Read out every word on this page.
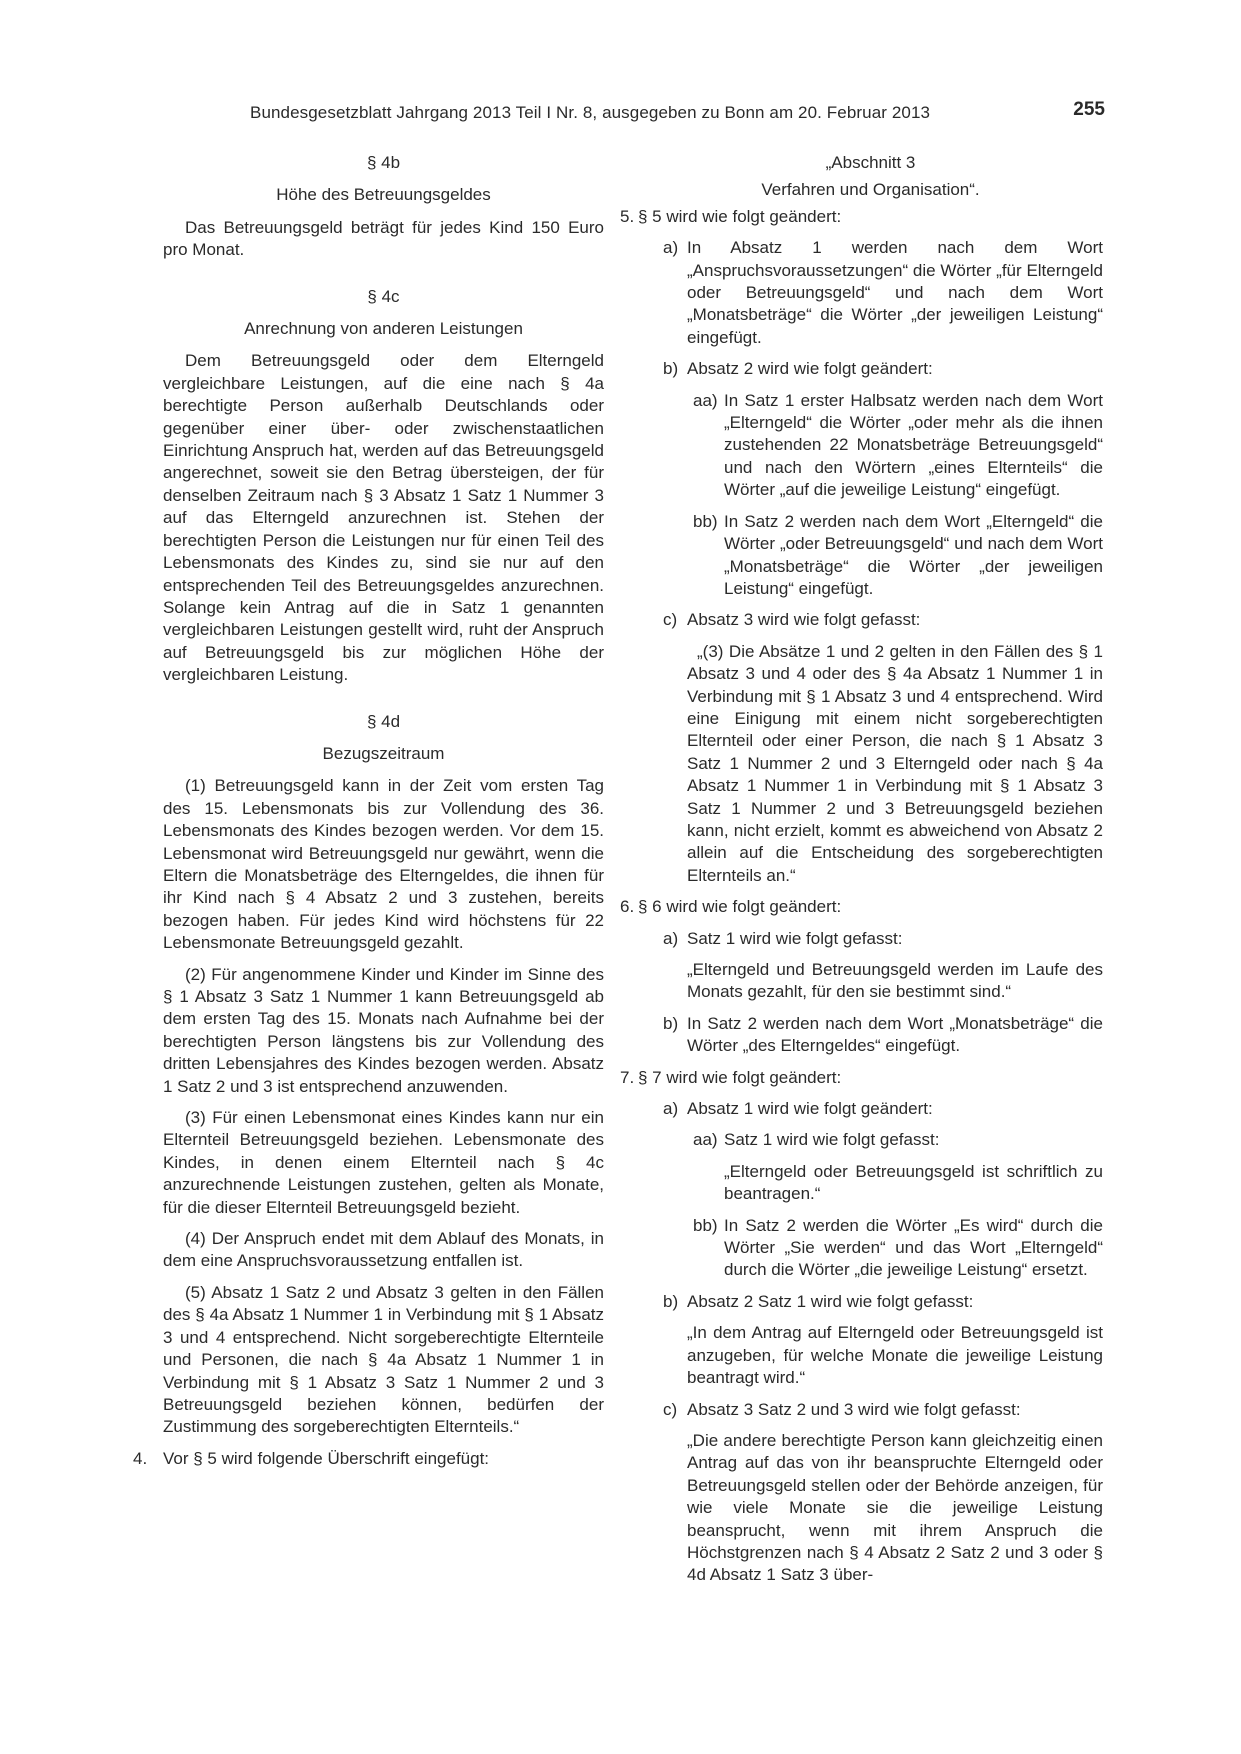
Bundesgesetzblatt Jahrgang 2013 Teil I Nr. 8, ausgegeben zu Bonn am 20. Februar 2013	255
§ 4b
Höhe des Betreuungsgeldes

Das Betreuungsgeld beträgt für jedes Kind 150 Euro pro Monat.

§ 4c
Anrechnung von anderen Leistungen

Dem Betreuungsgeld oder dem Elterngeld vergleichbare Leistungen, auf die eine nach § 4a berechtigte Person außerhalb Deutschlands oder gegenüber einer über- oder zwischenstaatlichen Einrichtung Anspruch hat, werden auf das Betreuungsgeld angerechnet, soweit sie den Betrag übersteigen, der für denselben Zeitraum nach § 3 Absatz 1 Satz 1 Nummer 3 auf das Elterngeld anzurechnen ist. Stehen der berechtigten Person die Leistungen nur für einen Teil des Lebensmonats des Kindes zu, sind sie nur auf den entsprechenden Teil des Betreuungsgeldes anzurechnen. Solange kein Antrag auf die in Satz 1 genannten vergleichbaren Leistungen gestellt wird, ruht der Anspruch auf Betreuungsgeld bis zur möglichen Höhe der vergleichbaren Leistung.

§ 4d
Bezugszeitraum

(1) Betreuungsgeld kann in der Zeit vom ersten Tag des 15. Lebensmonats bis zur Vollendung des 36. Lebensmonats des Kindes bezogen werden. Vor dem 15. Lebensmonat wird Betreuungsgeld nur gewährt, wenn die Eltern die Monatsbeträge des Elterngeldes, die ihnen für ihr Kind nach § 4 Absatz 2 und 3 zustehen, bereits bezogen haben. Für jedes Kind wird höchstens für 22 Lebensmonate Betreuungsgeld gezahlt.

(2) Für angenommene Kinder und Kinder im Sinne des § 1 Absatz 3 Satz 1 Nummer 1 kann Betreuungsgeld ab dem ersten Tag des 15. Monats nach Aufnahme bei der berechtigten Person längstens bis zur Vollendung des dritten Lebensjahres des Kindes bezogen werden. Absatz 1 Satz 2 und 3 ist entsprechend anzuwenden.

(3) Für einen Lebensmonat eines Kindes kann nur ein Elternteil Betreuungsgeld beziehen. Lebensmonate des Kindes, in denen einem Elternteil nach § 4c anzurechnende Leistungen zustehen, gelten als Monate, für die dieser Elternteil Betreuungsgeld bezieht.

(4) Der Anspruch endet mit dem Ablauf des Monats, in dem eine Anspruchsvoraussetzung entfallen ist.

(5) Absatz 1 Satz 2 und Absatz 3 gelten in den Fällen des § 4a Absatz 1 Nummer 1 in Verbindung mit § 1 Absatz 3 und 4 entsprechend. Nicht sorgeberechtigte Elternteile und Personen, die nach § 4a Absatz 1 Nummer 1 in Verbindung mit § 1 Absatz 3 Satz 1 Nummer 2 und 3 Betreuungsgeld beziehen können, bedürfen der Zustimmung des sorgeberechtigten Elternteils.“

4. Vor § 5 wird folgende Überschrift eingefügt:
„Abschnitt 3
Verfahren und Organisation“.
5. § 5 wird wie folgt geändert:
a) In Absatz 1 werden nach dem Wort „Anspruchsvoraussetzungen“ die Wörter „für Elterngeld oder Betreuungsgeld“ und nach dem Wort „Monatsbeträge“ die Wörter „der jeweiligen Leistung“ eingefügt.
b) Absatz 2 wird wie folgt geändert:
aa) In Satz 1 erster Halbsatz werden nach dem Wort „Elterngeld“ die Wörter „oder mehr als die ihnen zustehenden 22 Monatsbeträge Betreuungsgeld“ und nach den Wörtern „eines Elternteils“ die Wörter „auf die jeweilige Leistung“ eingefügt.
bb) In Satz 2 werden nach dem Wort „Elterngeld“ die Wörter „oder Betreuungsgeld“ und nach dem Wort „Monatsbeträge“ die Wörter „der jeweiligen Leistung“ eingefügt.
c) Absatz 3 wird wie folgt gefasst:

„(3) Die Absätze 1 und 2 gelten in den Fällen des § 1 Absatz 3 und 4 oder des § 4a Absatz 1 Nummer 1 in Verbindung mit § 1 Absatz 3 und 4 entsprechend. Wird eine Einigung mit einem nicht sorgeberechtigten Elternteil oder einer Person, die nach § 1 Absatz 3 Satz 1 Nummer 2 und 3 Elterngeld oder nach § 4a Absatz 1 Nummer 1 in Verbindung mit § 1 Absatz 3 Satz 1 Nummer 2 und 3 Betreuungsgeld beziehen kann, nicht erzielt, kommt es abweichend von Absatz 2 allein auf die Entscheidung des sorgeberechtigten Elternteils an.“

6. § 6 wird wie folgt geändert:
a) Satz 1 wird wie folgt gefasst:

„Elterngeld und Betreuungsgeld werden im Laufe des Monats gezahlt, für den sie bestimmt sind.“

b) In Satz 2 werden nach dem Wort „Monatsbeträge“ die Wörter „des Elterngeldes“ eingefügt.
7. § 7 wird wie folgt geändert:
a) Absatz 1 wird wie folgt geändert:
aa) Satz 1 wird wie folgt gefasst:

„Elterngeld oder Betreuungsgeld ist schriftlich zu beantragen.“

bb) In Satz 2 werden die Wörter „Es wird“ durch die Wörter „Sie werden“ und das Wort „Elterngeld“ durch die Wörter „die jeweilige Leistung“ ersetzt.
b) Absatz 2 Satz 1 wird wie folgt gefasst:

„In dem Antrag auf Elterngeld oder Betreuungsgeld ist anzugeben, für welche Monate die jeweilige Leistung beantragt wird.“

c) Absatz 3 Satz 2 und 3 wird wie folgt gefasst:

„Die andere berechtigte Person kann gleichzeitig einen Antrag auf das von ihr beanspruchte Elterngeld oder Betreuungsgeld stellen oder der Behörde anzeigen, für wie viele Monate sie die jeweilige Leistung beansprucht, wenn mit ihrem Anspruch die Höchstgrenzen nach § 4 Absatz 2 Satz 2 und 3 oder § 4d Absatz 1 Satz 3 über-
